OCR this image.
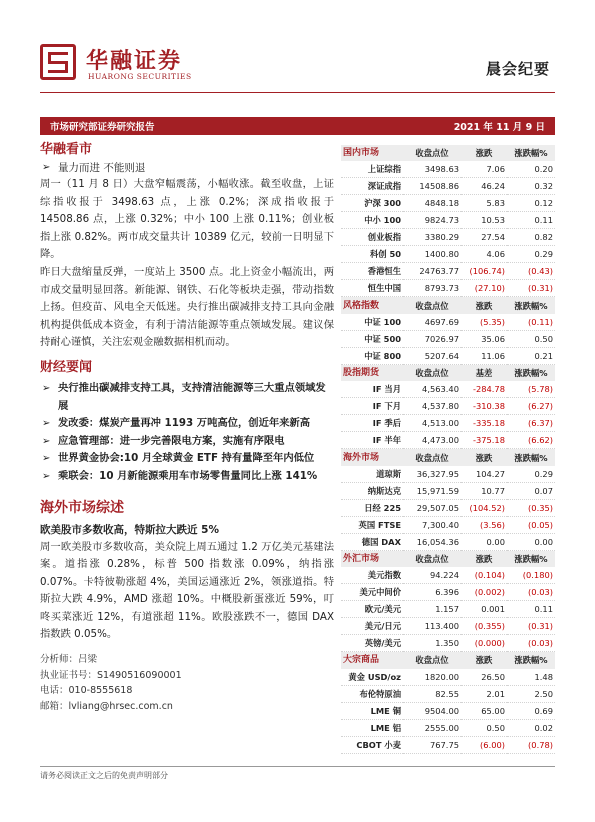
华融证券
HUARONG SECURITIES	晨会纪要
市场研究部证券研究报告	2021 年 11 月 9 日
华融看市
➢ 量力而进 不能则退

周一（11 月 8 日）大盘窄幅震荡，小幅收涨。截至收盘，上证综指收报于 3498.63 点，上涨 0.2%；深成指收报于 14508.86 点，上涨 0.32%；中小 100 上涨 0.11%；创业板指上涨 0.82%。两市成交量共计 10389 亿元，较前一日明显下降。

昨日大盘缩量反弹，一度站上 3500 点。北上资金小幅流出，两市成交量明显回落。新能源、钢铁、石化等板块走强，带动指数上扬。但疫苗、风电全天低迷。央行推出碳减排支持工具向金融机构提供低成本资金，有利于清洁能源等重点领域发展。建议保持耐心谨慎，关注宏观金融数据相机而动。

财经要闻
➢ 央行推出碳减排支持工具，支持清洁能源等三大重点领域发展
➢ 发改委：煤炭产量再冲 1193 万吨高位，创近年来新高
➢ 应急管理部：进一步完善限电方案，实施有序限电
➢ 世界黄金协会:10 月全球黄金 ETF 持有量降至年内低位
➢ 乘联会：10 月新能源乘用车市场零售量同比上涨 141%
海外市场综述
欧美股市多数收高，特斯拉大跌近 5%

周一欧美股市多数收高，美众院上周五通过 1.2 万亿美元基建法案。道指涨 0.28%，标普 500 指数涨 0.09%，纳指涨 0.07%。卡特彼勒涨超 4%，美国运通涨近 2%，领涨道指。特斯拉大跌 4.9%，AMD 涨超 10%。中概股新蛋涨近 59%，叮咚买菜涨近 12%，有道涨超 11%。欧股涨跌不一，德国 DAX 指数跌 0.05%。

分析师：吕梁
执业证书号：S1490516090001
电话：010-8555618
邮箱：lvliang@hrsec.com.cn
国内市场	收盘点位	涨跌	涨跌幅%
上证综指	3498.63	7.06	0.20
深证成指	14508.86	46.24	0.32
沪深 300	4848.18	5.83	0.12
中小 100	9824.73	10.53	0.11
创业板指	3380.29	27.54	0.82
科创 50	1400.80	4.06	0.29
香港恒生	24763.77	(106.74)	(0.43)
恒生中国	8793.73	(27.10)	(0.31)
风格指数	收盘点位	涨跌	涨跌幅%
中证 100	4697.69	(5.35)	(0.11)
中证 500	7026.97	35.06	0.50
中证 800	5207.64	11.06	0.21
股指期货	收盘点位	基差	涨跌幅%
IF 当月	4,563.40	-284.78	(5.78)
IF 下月	4,537.80	-310.38	(6.27)
IF 季后	4,513.00	-335.18	(6.37)
IF 半年	4,473.00	-375.18	(6.62)
海外市场	收盘点位	涨跌	涨跌幅%
道琼斯	36,327.95	104.27	0.29
纳斯达克	15,971.59	10.77	0.07
日经 225	29,507.05	(104.52)	(0.35)
英国 FTSE	7,300.40	(3.56)	(0.05)
德国 DAX	16,054.36	0.00	0.00
外汇市场	收盘点位	涨跌	涨跌幅%
美元指数	94.224	(0.104)	(0.180)
美元中间价	6.396	(0.002)	(0.03)
欧元/美元	1.157	0.001	0.11
美元/日元	113.400	(0.355)	(0.31)
英镑/美元	1.350	(0.000)	(0.03)
大宗商品	收盘点位	涨跌	涨跌幅%
黄金 USD/oz	1820.00	26.50	1.48
布伦特原油	82.55	2.01	2.50
LME 铜	9504.00	65.00	0.69
LME 铝	2555.00	0.50	0.02
CBOT 小麦	767.75	(6.00)	(0.78)
请务必阅读正文之后的免责声明部分
